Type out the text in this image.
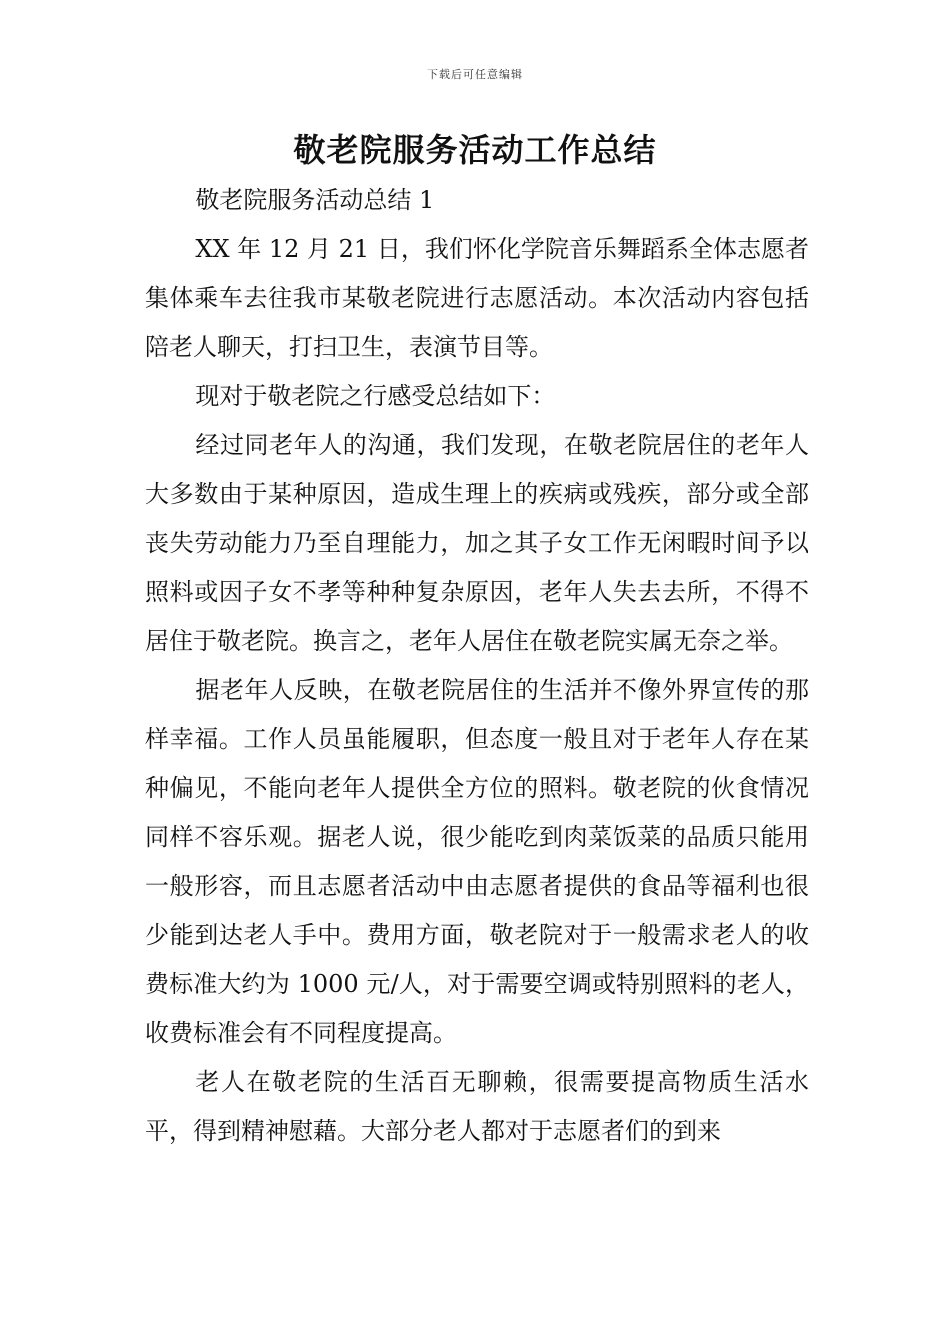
下载后可任意编辑
敬老院服务活动工作总结

敬老院服务活动总结 1

XX 年 12 月 21 日，我们怀化学院音乐舞蹈系全体志愿者集体乘车去往我市某敬老院进行志愿活动。本次活动内容包括陪老人聊天，打扫卫生，表演节目等。

现对于敬老院之行感受总结如下：

经过同老年人的沟通，我们发现，在敬老院居住的老年人大多数由于某种原因，造成生理上的疾病或残疾，部分或全部丧失劳动能力乃至自理能力，加之其子女工作无闲暇时间予以照料或因子女不孝等种种复杂原因，老年人失去去所，不得不居住于敬老院。换言之，老年人居住在敬老院实属无奈之举。

据老年人反映，在敬老院居住的生活并不像外界宣传的那样幸福。工作人员虽能履职，但态度一般且对于老年人存在某种偏见，不能向老年人提供全方位的照料。敬老院的伙食情况同样不容乐观。据老人说，很少能吃到肉菜饭菜的品质只能用一般形容，而且志愿者活动中由志愿者提供的食品等福利也很少能到达老人手中。费用方面，敬老院对于一般需求老人的收费标准大约为 1000 元/人，对于需要空调或特别照料的老人，收费标准会有不同程度提高。

老人在敬老院的生活百无聊赖，很需要提高物质生活水平，得到精神慰藉。大部分老人都对于志愿者们的到来
